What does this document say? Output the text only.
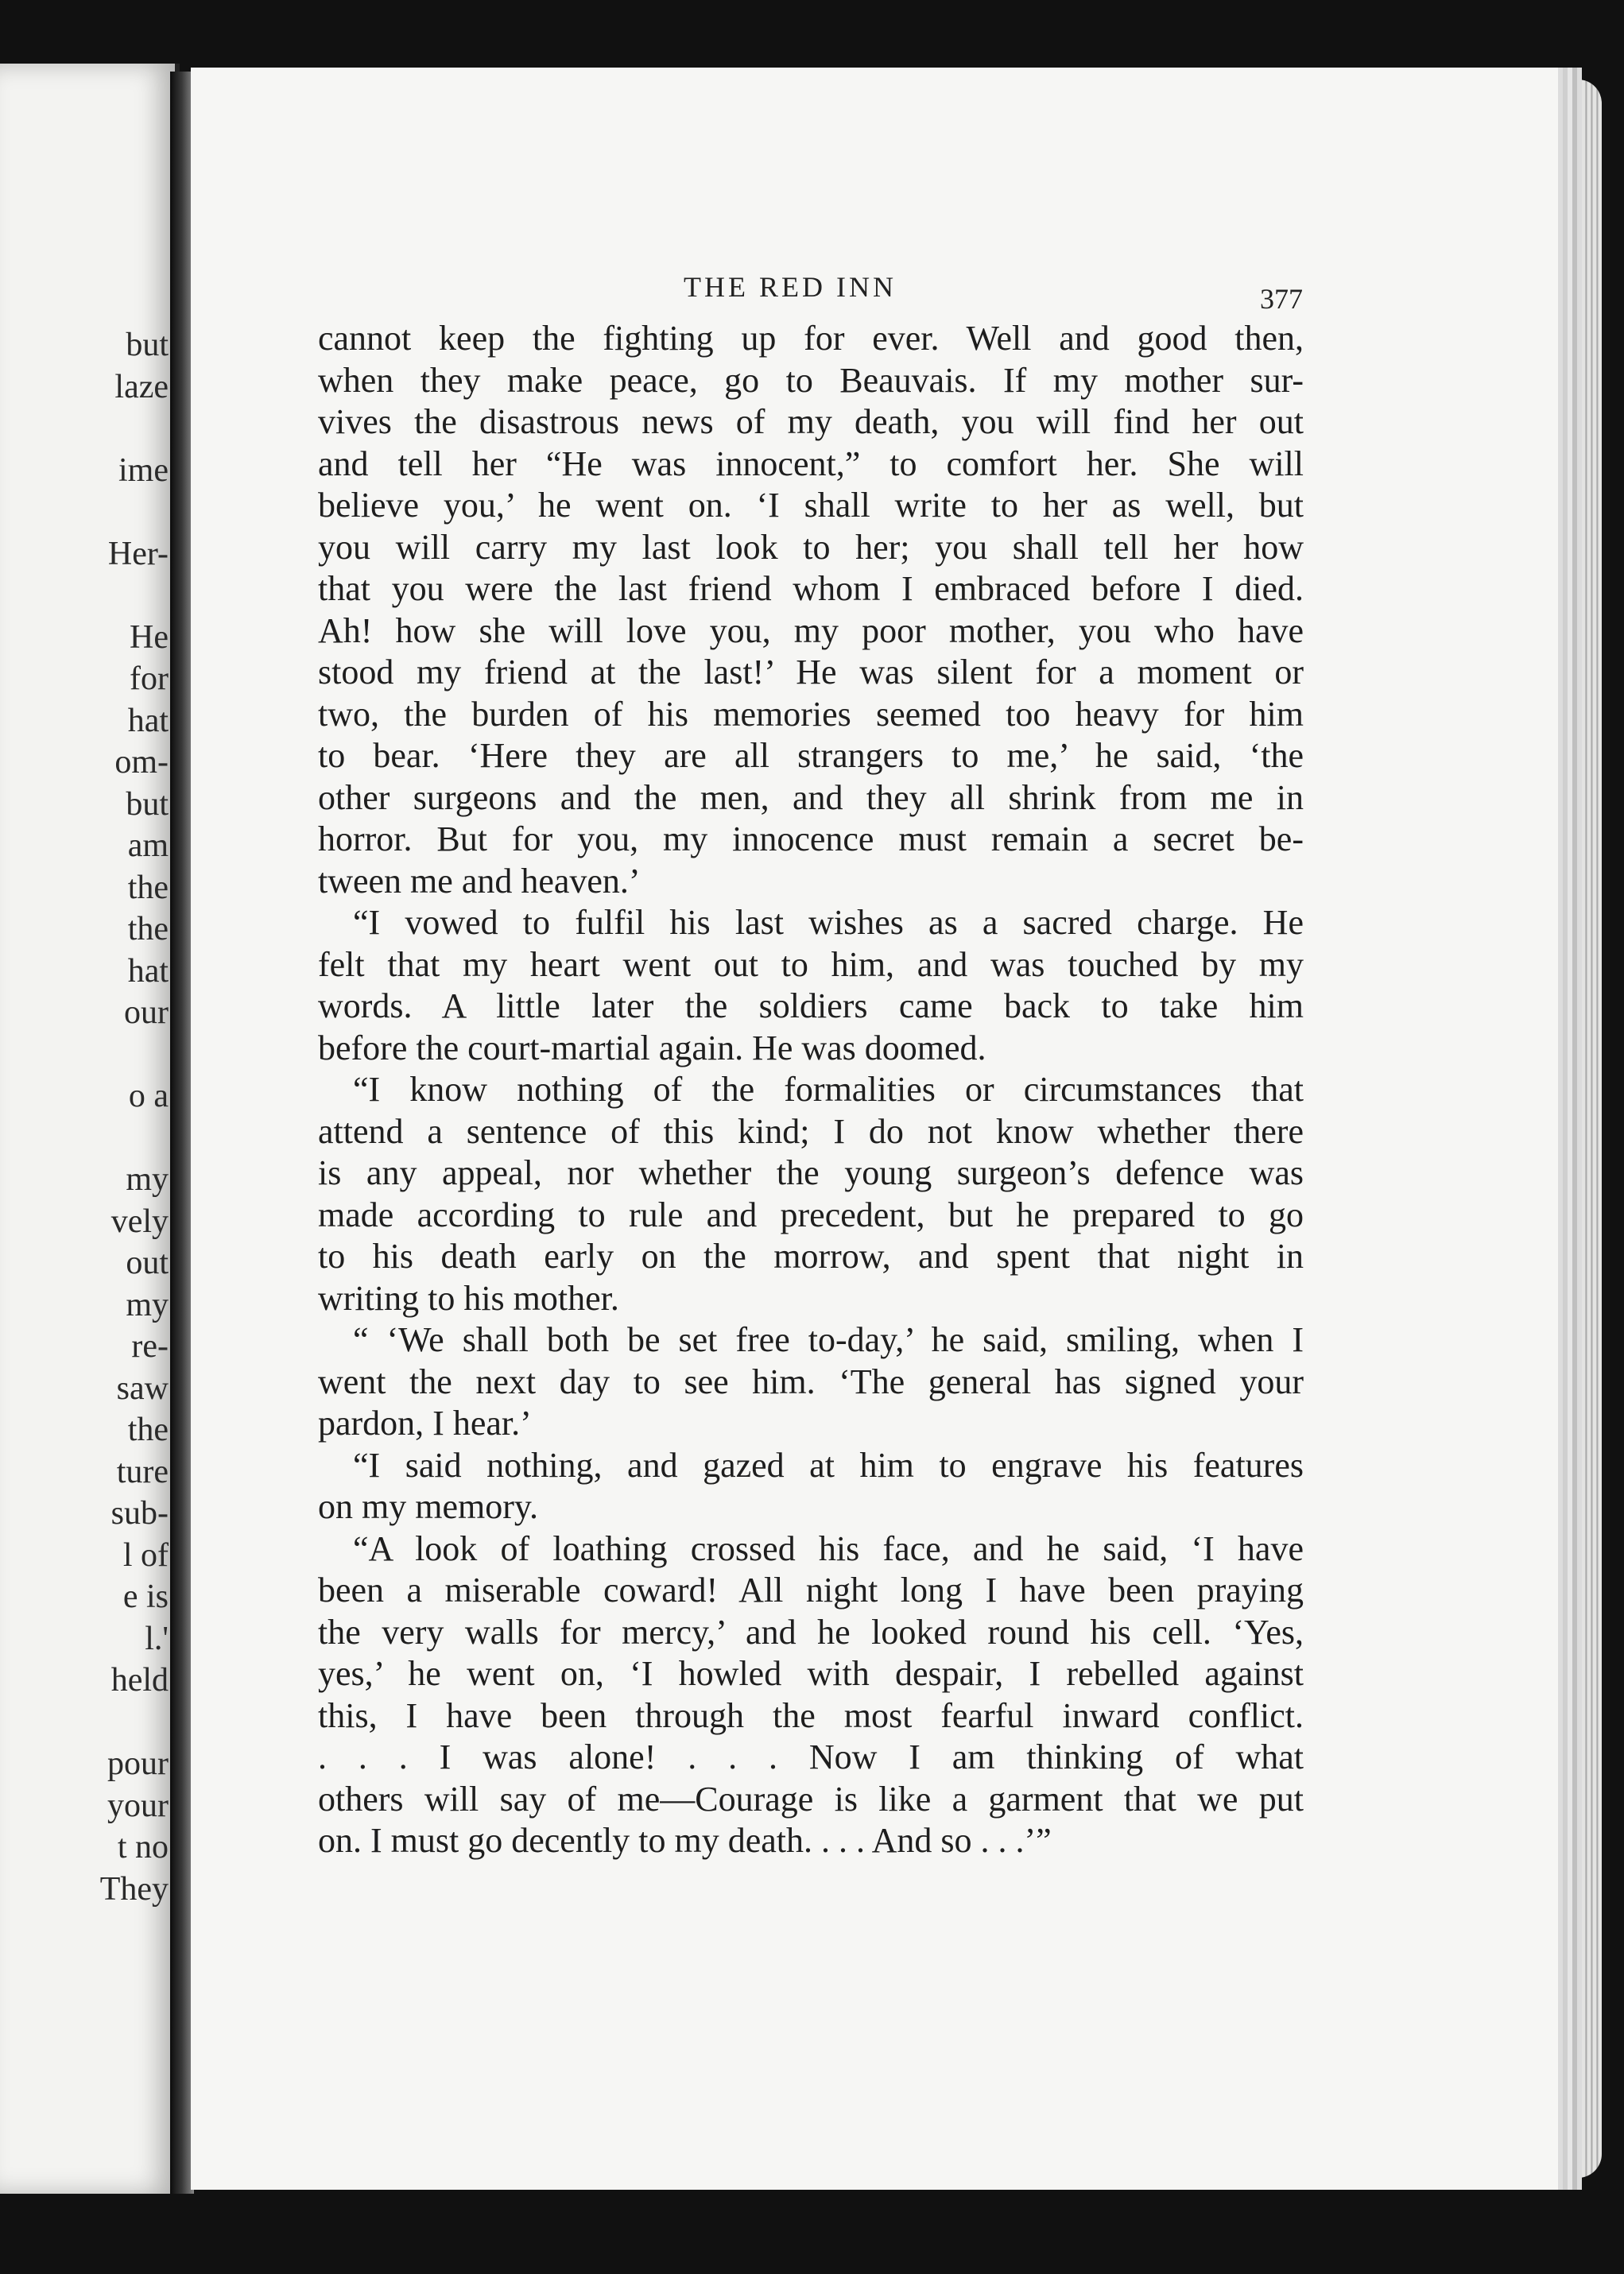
but
laze
ime
Her-
He
for
hat
om-
but
am
the
the
hat
our
o a
my
vely
out
my
re-
saw
the
ture
sub-
l of
e is
l.'
held
pour
your
t no
They
THE RED INN	377

cannot keep the fighting up for ever. Well and good then,
when they make peace, go to Beauvais. If my mother sur-
vives the disastrous news of my death, you will find her out
and tell her “He was innocent,” to comfort her. She will
believe you,’ he went on. ‘I shall write to her as well, but
you will carry my last look to her; you shall tell her how
that you were the last friend whom I embraced before I died.
Ah! how she will love you, my poor mother, you who have
stood my friend at the last!’ He was silent for a moment or
two, the burden of his memories seemed too heavy for him
to bear. ‘Here they are all strangers to me,’ he said, ‘the
other surgeons and the men, and they all shrink from me in
horror. But for you, my innocence must remain a secret be-
tween me and heaven.’

“I vowed to fulfil his last wishes as a sacred charge. He
felt that my heart went out to him, and was touched by my
words. A little later the soldiers came back to take him
before the court-martial again. He was doomed.

“I know nothing of the formalities or circumstances that
attend a sentence of this kind; I do not know whether there
is any appeal, nor whether the young surgeon’s defence was
made according to rule and precedent, but he prepared to go
to his death early on the morrow, and spent that night in
writing to his mother.

“ ‘We shall both be set free to-day,’ he said, smiling, when I
went the next day to see him. ‘The general has signed your
pardon, I hear.’

“I said nothing, and gazed at him to engrave his features
on my memory.

“A look of loathing crossed his face, and he said, ‘I have
been a miserable coward! All night long I have been praying
the very walls for mercy,’ and he looked round his cell. ‘Yes,
yes,’ he went on, ‘I howled with despair, I rebelled against
this, I have been through the most fearful inward conflict.
. . . I was alone! . . . Now I am thinking of what
others will say of me—Courage is like a garment that we put
on. I must go decently to my death. . . . And so . . .’”
